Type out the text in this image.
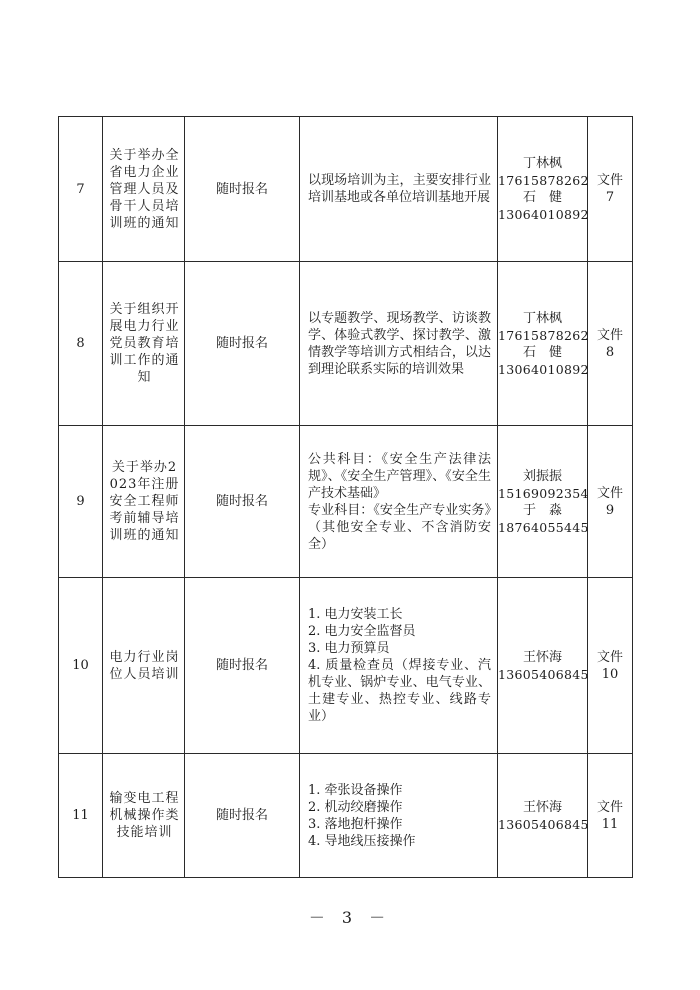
7	关于举办全省电力企业管理人员及骨干人员培训班的通知	随时报名	以现场培训为主，主要安排行业培训基地或各单位培训基地开展	丁林枫
17615878262
石　健
13064010892	文件
7

8	关于组织开展电力行业党员教育培训工作的通知	随时报名	以专题教学、现场教学、访谈教学、体验式教学、探讨教学、激情教学等培训方式相结合，以达到理论联系实际的培训效果	丁林枫
17615878262
石　健
13064010892	文件
8

9	关于举办2023年注册安全工程师考前辅导培训班的通知	随时报名	公共科目：《安全生产法律法规》、《安全生产管理》、《安全生产技术基础》
专业科目：《安全生产专业实务》（其他安全专业、不含消防安全）	刘振振
15169092354
于　淼
18764055445	文件
9

10	电力行业岗位人员培训	随时报名	1. 电力安装工长
2. 电力安全监督员
3. 电力预算员
4. 质量检查员（焊接专业、汽机专业、锅炉专业、电气专业、土建专业、热控专业、线路专业）	王怀海
13605406845	文件
10

11	输变电工程机械操作类技能培训	随时报名	1. 牵张设备操作
2. 机动绞磨操作
3. 落地抱杆操作
4. 导地线压接操作	王怀海
13605406845	文件
11
－ 3 －
